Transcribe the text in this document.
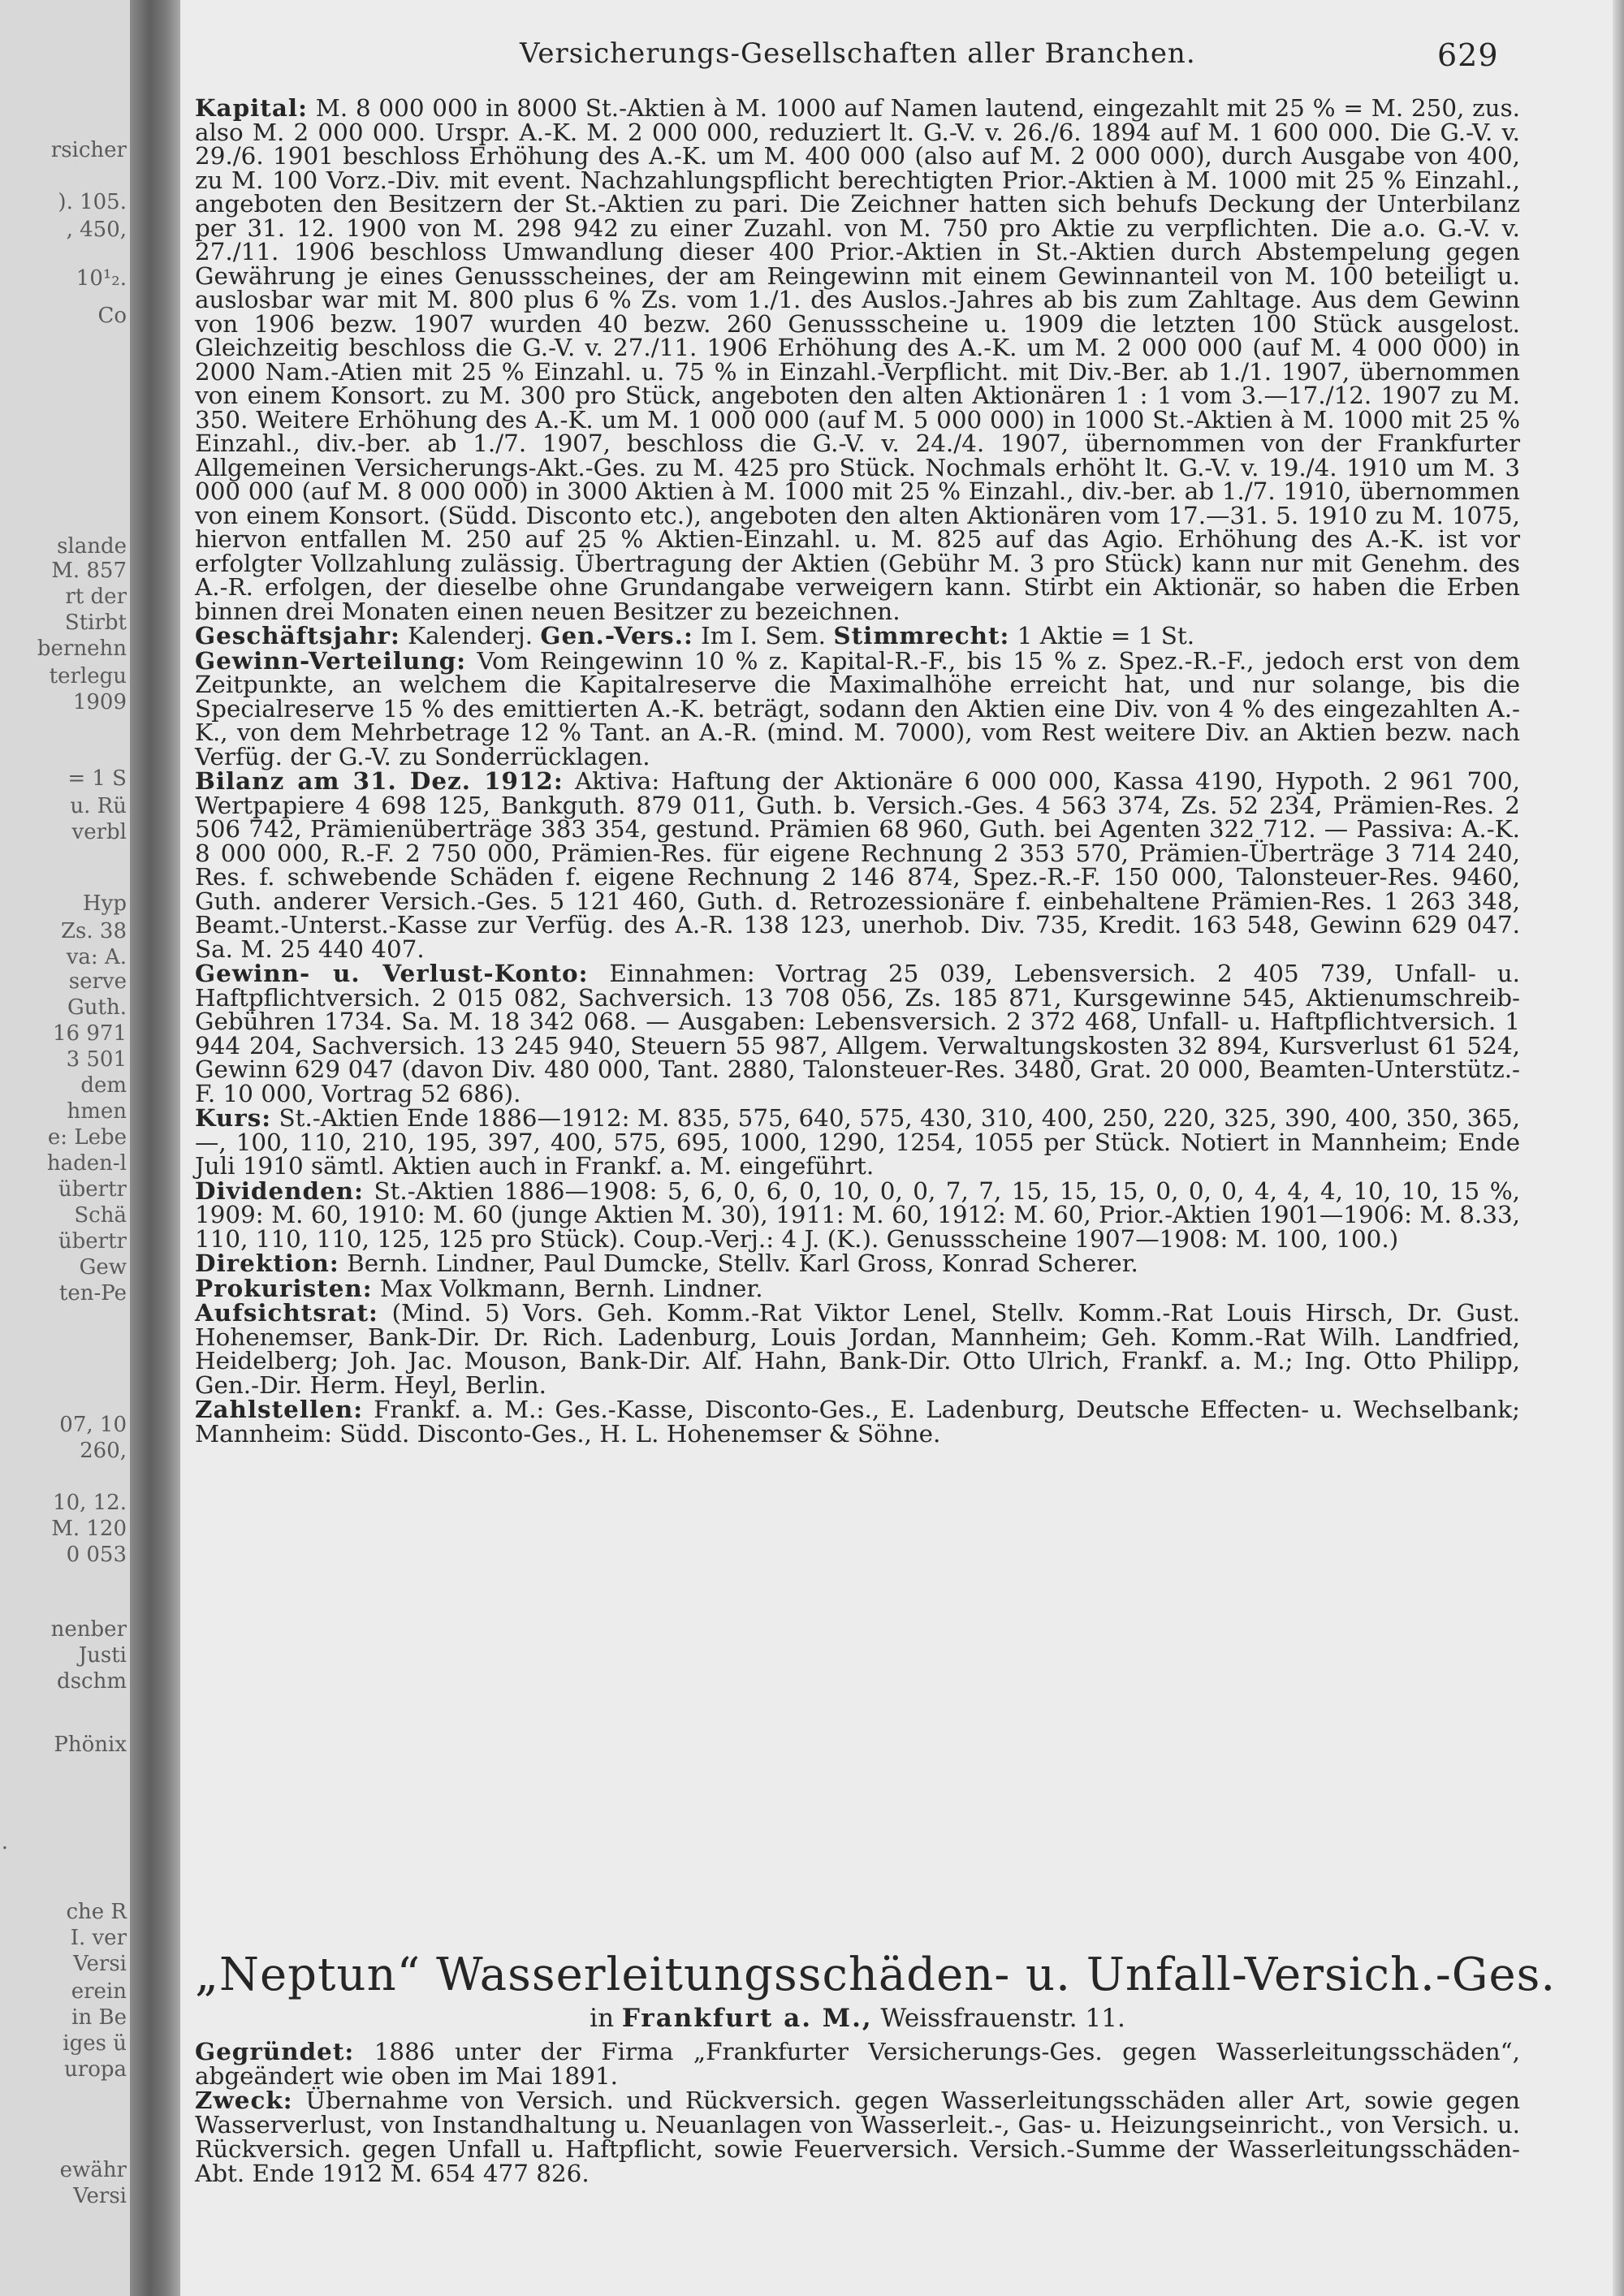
rsicher
). 105.
, 450,
10¹₂.
Co
slande
M. 857
rt der
Stirbt
bernehn
terlegu
1909
= 1 S
u. Rü
verbl
Hyp
Zs. 38
va: A.
serve
Guth.
16 971
3 501
dem
hmen
e: Lebe
haden-l
übertr
Schä
übertr
Gew
ten-Pe
07, 10
260,
10, 12.
M. 120
0 053
nenber
Justi
dschm
Phönix
.
che R
I. ver
Versi
erein
in Be
iges ü
uropa
ewähr
Versi
Versicherungs-Gesellschaften aller Branchen.	629

Kapital: M. 8 000 000 in 8000 St.-Aktien à M. 1000 auf Namen lautend, eingezahlt mit 25 % = M. 250, zus. also M. 2 000 000. Urspr. A.-K. M. 2 000 000, reduziert lt. G.-V. v. 26./6. 1894 auf M. 1 600 000. Die G.-V. v. 29./6. 1901 beschloss Erhöhung des A.-K. um M. 400 000 (also auf M. 2 000 000), durch Ausgabe von 400, zu M. 100 Vorz.-Div. mit event. Nachzahlungspflicht berechtigten Prior.-Aktien à M. 1000 mit 25 % Einzahl., angeboten den Besitzern der St.-Aktien zu pari. Die Zeichner hatten sich behufs Deckung der Unterbilanz per 31. 12. 1900 von M. 298 942 zu einer Zuzahl. von M. 750 pro Aktie zu verpflichten. Die a.o. G.-V. v. 27./11. 1906 beschloss Umwandlung dieser 400 Prior.-Aktien in St.-Aktien durch Abstempelung gegen Gewährung je eines Genussscheines, der am Reingewinn mit einem Gewinnanteil von M. 100 beteiligt u. auslosbar war mit M. 800 plus 6 % Zs. vom 1./1. des Auslos.-Jahres ab bis zum Zahltage. Aus dem Gewinn von 1906 bezw. 1907 wurden 40 bezw. 260 Genussscheine u. 1909 die letzten 100 Stück ausgelost. Gleichzeitig beschloss die G.-V. v. 27./11. 1906 Erhöhung des A.-K. um M. 2 000 000 (auf M. 4 000 000) in 2000 Nam.-Atien mit 25 % Einzahl. u. 75 % in Einzahl.-Verpflicht. mit Div.-Ber. ab 1./1. 1907, übernommen von einem Konsort. zu M. 300 pro Stück, angeboten den alten Aktionären 1 : 1 vom 3.—17./12. 1907 zu M. 350. Weitere Erhöhung des A.-K. um M. 1 000 000 (auf M. 5 000 000) in 1000 St.-Aktien à M. 1000 mit 25 % Einzahl., div.-ber. ab 1./7. 1907, beschloss die G.-V. v. 24./4. 1907, übernommen von der Frankfurter Allgemeinen Versicherungs-Akt.-Ges. zu M. 425 pro Stück. Nochmals erhöht lt. G.-V. v. 19./4. 1910 um M. 3 000 000 (auf M. 8 000 000) in 3000 Aktien à M. 1000 mit 25 % Einzahl., div.-ber. ab 1./7. 1910, übernommen von einem Konsort. (Südd. Disconto etc.), angeboten den alten Aktionären vom 17.—31. 5. 1910 zu M. 1075, hiervon entfallen M. 250 auf 25 % Aktien-Einzahl. u. M. 825 auf das Agio. Erhöhung des A.-K. ist vor erfolgter Vollzahlung zulässig. Übertragung der Aktien (Gebühr M. 3 pro Stück) kann nur mit Genehm. des A.-R. erfolgen, der dieselbe ohne Grundangabe verweigern kann. Stirbt ein Aktionär, so haben die Erben binnen drei Monaten einen neuen Besitzer zu bezeichnen.

Geschäftsjahr: Kalenderj. Gen.-Vers.: Im I. Sem. Stimmrecht: 1 Aktie = 1 St.

Gewinn-Verteilung: Vom Reingewinn 10 % z. Kapital-R.-F., bis 15 % z. Spez.-R.-F., jedoch erst von dem Zeitpunkte, an welchem die Kapitalreserve die Maximalhöhe erreicht hat, und nur solange, bis die Specialreserve 15 % des emittierten A.-K. beträgt, sodann den Aktien eine Div. von 4 % des eingezahlten A.-K., von dem Mehrbetrage 12 % Tant. an A.-R. (mind. M. 7000), vom Rest weitere Div. an Aktien bezw. nach Verfüg. der G.-V. zu Sonderrücklagen.

Bilanz am 31. Dez. 1912: Aktiva: Haftung der Aktionäre 6 000 000, Kassa 4190, Hypoth. 2 961 700, Wertpapiere 4 698 125, Bankguth. 879 011, Guth. b. Versich.-Ges. 4 563 374, Zs. 52 234, Prämien-Res. 2 506 742, Prämienüberträge 383 354, gestund. Prämien 68 960, Guth. bei Agenten 322 712. — Passiva: A.-K. 8 000 000, R.-F. 2 750 000, Prämien-Res. für eigene Rechnung 2 353 570, Prämien-Überträge 3 714 240, Res. f. schwebende Schäden f. eigene Rechnung 2 146 874, Spez.-R.-F. 150 000, Talonsteuer-Res. 9460, Guth. anderer Versich.-Ges. 5 121 460, Guth. d. Retrozessionäre f. einbehaltene Prämien-Res. 1 263 348, Beamt.-Unterst.-Kasse zur Verfüg. des A.-R. 138 123, unerhob. Div. 735, Kredit. 163 548, Gewinn 629 047. Sa. M. 25 440 407.

Gewinn- u. Verlust-Konto: Einnahmen: Vortrag 25 039, Lebensversich. 2 405 739, Unfall- u. Haftpflichtversich. 2 015 082, Sachversich. 13 708 056, Zs. 185 871, Kursgewinne 545, Aktienumschreib-Gebühren 1734. Sa. M. 18 342 068. — Ausgaben: Lebensversich. 2 372 468, Unfall- u. Haftpflichtversich. 1 944 204, Sachversich. 13 245 940, Steuern 55 987, Allgem. Verwaltungskosten 32 894, Kursverlust 61 524, Gewinn 629 047 (davon Div. 480 000, Tant. 2880, Talonsteuer-Res. 3480, Grat. 20 000, Beamten-Unterstütz.-F. 10 000, Vortrag 52 686).

Kurs: St.-Aktien Ende 1886—1912: M. 835, 575, 640, 575, 430, 310, 400, 250, 220, 325, 390, 400, 350, 365, —, 100, 110, 210, 195, 397, 400, 575, 695, 1000, 1290, 1254, 1055 per Stück. Notiert in Mannheim; Ende Juli 1910 sämtl. Aktien auch in Frankf. a. M. eingeführt.

Dividenden: St.-Aktien 1886—1908: 5, 6, 0, 6, 0, 10, 0, 0, 7, 7, 15, 15, 15, 0, 0, 0, 4, 4, 4, 10, 10, 15 %, 1909: M. 60, 1910: M. 60 (junge Aktien M. 30), 1911: M. 60, 1912: M. 60, Prior.-Aktien 1901—1906: M. 8.33, 110, 110, 110, 125, 125 pro Stück). Coup.-Verj.: 4 J. (K.). Genussscheine 1907—1908: M. 100, 100.)

Direktion: Bernh. Lindner, Paul Dumcke, Stellv. Karl Gross, Konrad Scherer.

Prokuristen: Max Volkmann, Bernh. Lindner.

Aufsichtsrat: (Mind. 5) Vors. Geh. Komm.-Rat Viktor Lenel, Stellv. Komm.-Rat Louis Hirsch, Dr. Gust. Hohenemser, Bank-Dir. Dr. Rich. Ladenburg, Louis Jordan, Mannheim; Geh. Komm.-Rat Wilh. Landfried, Heidelberg; Joh. Jac. Mouson, Bank-Dir. Alf. Hahn, Bank-Dir. Otto Ulrich, Frankf. a. M.; Ing. Otto Philipp, Gen.-Dir. Herm. Heyl, Berlin.

Zahlstellen: Frankf. a. M.: Ges.-Kasse, Disconto-Ges., E. Ladenburg, Deutsche Effecten- u. Wechselbank; Mannheim: Südd. Disconto-Ges., H. L. Hohenemser & Söhne.

„Neptun“ Wasserleitungsschäden- u. Unfall-Versich.-Ges.
in Frankfurt a. M., Weissfrauenstr. 11.

Gegründet: 1886 unter der Firma „Frankfurter Versicherungs-Ges. gegen Wasserleitungsschäden“, abgeändert wie oben im Mai 1891.

Zweck: Übernahme von Versich. und Rückversich. gegen Wasserleitungsschäden aller Art, sowie gegen Wasserverlust, von Instandhaltung u. Neuanlagen von Wasserleit.-, Gas- u. Heizungseinricht., von Versich. u. Rückversich. gegen Unfall u. Haftpflicht, sowie Feuerversich. Versich.-Summe der Wasserleitungsschäden-Abt. Ende 1912 M. 654 477 826.
